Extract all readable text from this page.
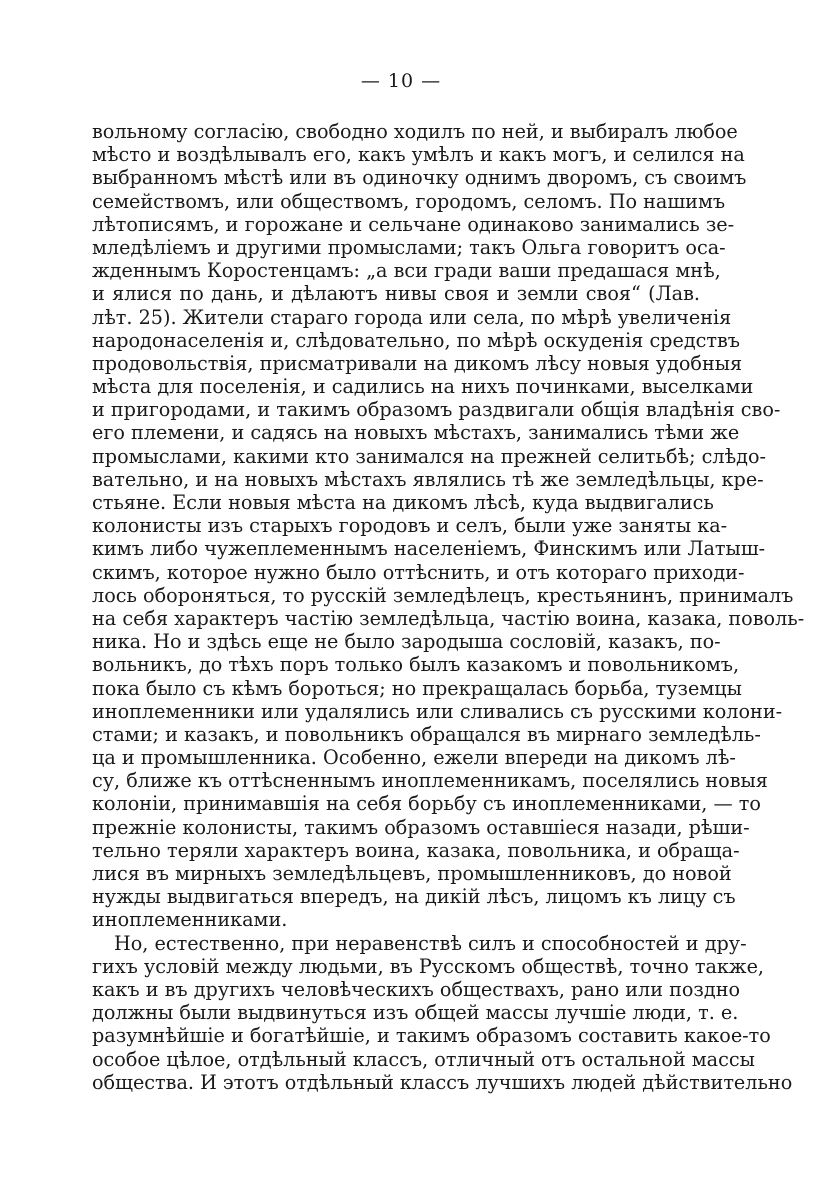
— 10 —
вольному согласію, свободно ходилъ по ней, и выбиралъ любое
мѣсто и воздѣлывалъ его, какъ умѣлъ и какъ могъ, и селился на
выбранномъ мѣстѣ или въ одиночку однимъ дворомъ, съ своимъ
семействомъ, или обществомъ, городомъ, селомъ. По нашимъ
лѣтописямъ, и горожане и сельчане одинаково занимались зе-
мледѣліемъ и другими промыслами; такъ Ольга говоритъ оса-
жденнымъ Коростенцамъ: „а вси гради ваши предашася мнѣ,
и ялися по дань, и дѣлаютъ нивы своя и земли своя“ (Лав.
лѣт. 25). Жители стараго города или села, по мѣрѣ увеличенія
народонаселенія и, слѣдовательно, по мѣрѣ оскуденія средствъ
продовольствія, присматривали на дикомъ лѣсу новыя удобныя
мѣста для поселенія, и садились на нихъ починками, выселками
и пригородами, и такимъ образомъ раздвигали общія владѣнія сво-
его племени, и садясь на новыхъ мѣстахъ, занимались тѣми же
промыслами, какими кто занимался на прежней селитьбѣ; слѣдо-
вательно, и на новыхъ мѣстахъ являлись тѣ же земледѣльцы, кре-
стьяне. Если новыя мѣста на дикомъ лѣсѣ, куда выдвигались
колонисты изъ старыхъ городовъ и селъ, были уже заняты ка-
кимъ либо чужеплеменнымъ населеніемъ, Финскимъ или Латыш-
скимъ, которое нужно было оттѣснить, и отъ котораго приходи-
лось обороняться, то русскій земледѣлецъ, крестьянинъ, принималъ
на себя характеръ частію земледѣльца, частію воина, казака, поволь-
ника. Но и здѣсь еще не было зародыша сословій, казакъ, по-
вольникъ, до тѣхъ поръ только былъ казакомъ и повольникомъ,
пока было съ кѣмъ бороться; но прекращалась борьба, туземцы
иноплеменники или удалялись или сливались съ русскими колони-
стами; и казакъ, и повольникъ обращался въ мирнаго земледѣль-
ца и промышленника. Особенно, ежели впереди на дикомъ лѣ-
су, ближе къ оттѣсненнымъ иноплеменникамъ, поселялись новыя
колоніи, принимавшія на себя борьбу съ иноплеменниками, — то
прежніе колонисты, такимъ образомъ оставшіеся назади, рѣши-
тельно теряли характеръ воина, казака, повольника, и обраща-
лися въ мирныхъ земледѣльцевъ, промышленниковъ, до новой
нужды выдвигаться впередъ, на дикій лѣсъ, лицомъ къ лицу съ
иноплеменниками.
Но, естественно, при неравенствѣ силъ и способностей и дру-
гихъ условій между людьми, въ Русскомъ обществѣ, точно также,
какъ и въ другихъ человѣческихъ обществахъ, рано или поздно
должны были выдвинуться изъ общей массы лучшіе люди, т. е.
разумнѣйшіе и богатѣйшіе, и такимъ образомъ составить какое-то
особое цѣлое, отдѣльный классъ, отличный отъ остальной массы
общества. И этотъ отдѣльный классъ лучшихъ людей дѣйствительно
